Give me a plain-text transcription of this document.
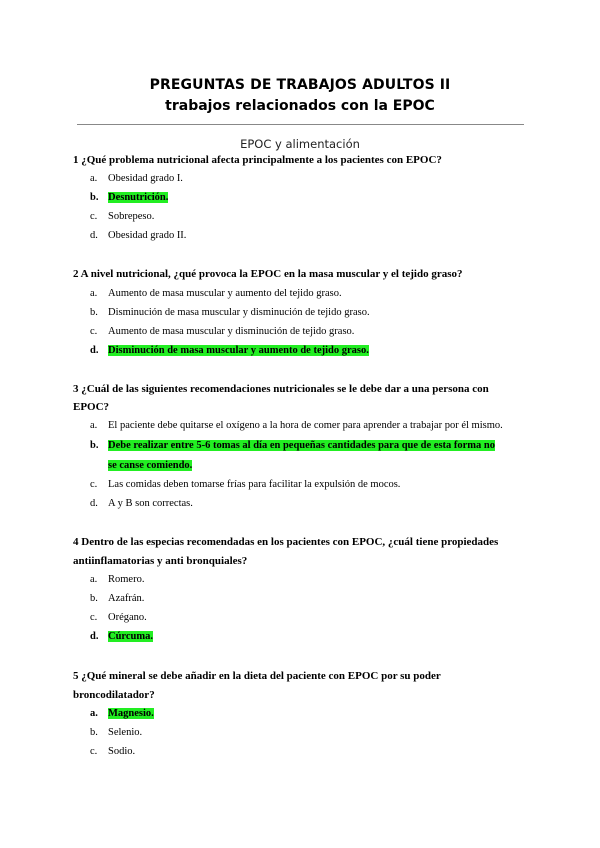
PREGUNTAS DE TRABAJOS ADULTOS II
trabajos relacionados con la EPOC
EPOC y alimentación
1 ¿Qué problema nutricional afecta principalmente a los pacientes con EPOC?
a. Obesidad grado I.
b. Desnutrición.
c. Sobrepeso.
d. Obesidad grado II.
2 A nivel nutricional, ¿qué provoca la EPOC en la masa muscular y el tejido graso?
a. Aumento de masa muscular y aumento del tejido graso.
b. Disminución de masa muscular y disminución de tejido graso.
c. Aumento de masa muscular y disminución de tejido graso.
d. Disminución de masa muscular y aumento de tejido graso.
3 ¿Cuál de las siguientes recomendaciones nutricionales se le debe dar a una persona con
EPOC?
a. El paciente debe quitarse el oxígeno a la hora de comer para aprender a trabajar por él mismo.
b. Debe realizar entre 5-6 tomas al día en pequeñas cantidades para que de esta forma no
se canse comiendo.
c. Las comidas deben tomarse frías para facilitar la expulsión de mocos.
d. A y B son correctas.
4 Dentro de las especias recomendadas en los pacientes con EPOC, ¿cuál tiene propiedades
antiinflamatorias y anti bronquiales?
a. Romero.
b. Azafrán.
c. Orégano.
d. Cúrcuma.
5 ¿Qué mineral se debe añadir en la dieta del paciente con EPOC por su poder
broncodilatador?
a. Magnesio.
b. Selenio.
c. Sodio.
